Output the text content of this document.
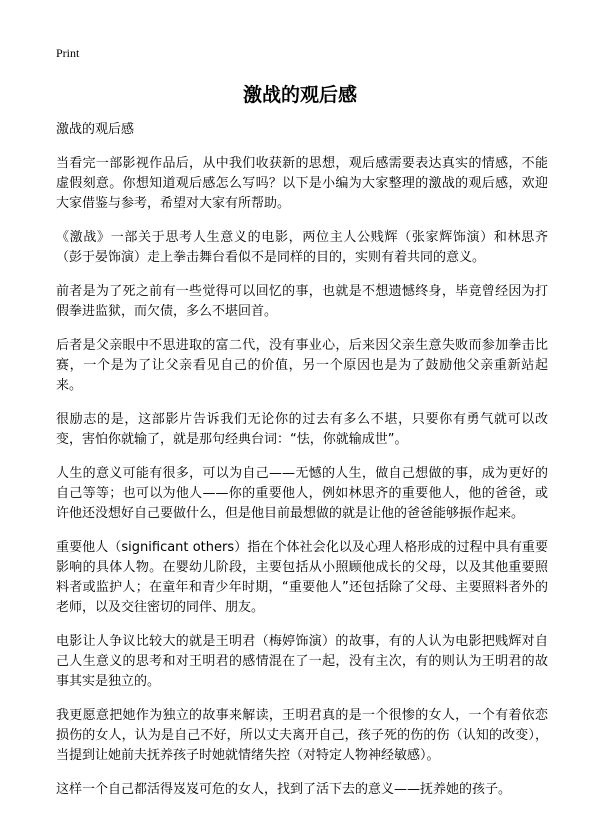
Print
激战的观后感

激战的观后感

当看完一部影视作品后，从中我们收获新的思想，观后感需要表达真实的情感，不能虚假刻意。你想知道观后感怎么写吗？以下是小编为大家整理的激战的观后感，欢迎大家借鉴与参考，希望对大家有所帮助。

《激战》一部关于思考人生意义的电影，两位主人公贱辉（张家辉饰演）和林思齐（彭于晏饰演）走上拳击舞台看似不是同样的目的，实则有着共同的意义。

前者是为了死之前有一些觉得可以回忆的事，也就是不想遗憾终身，毕竟曾经因为打假拳进监狱，而欠债，多么不堪回首。

后者是父亲眼中不思进取的富二代，没有事业心，后来因父亲生意失败而参加拳击比赛，一个是为了让父亲看见自己的价值，另一个原因也是为了鼓励他父亲重新站起来。

很励志的是，这部影片告诉我们无论你的过去有多么不堪，只要你有勇气就可以改变，害怕你就输了，就是那句经典台词：“怯，你就输成世”。

人生的意义可能有很多，可以为自己——无憾的人生，做自己想做的事，成为更好的自己等等；也可以为他人——你的重要他人，例如林思齐的重要他人，他的爸爸，或许他还没想好自己要做什么，但是他目前最想做的就是让他的爸爸能够振作起来。

重要他人（significant others）指在个体社会化以及心理人格形成的过程中具有重要影响的具体人物。在婴幼儿阶段，主要包括从小照顾他成长的父母，以及其他重要照料者或监护人；在童年和青少年时期，“重要他人”还包括除了父母、主要照料者外的老师，以及交往密切的同伴、朋友。

电影让人争议比较大的就是王明君（梅婷饰演）的故事，有的人认为电影把贱辉对自己人生意义的思考和对王明君的感情混在了一起，没有主次，有的则认为王明君的故事其实是独立的。

我更愿意把她作为独立的故事来解读，王明君真的是一个很惨的女人，一个有着依恋损伤的女人，认为是自己不好，所以丈夫离开自己，孩子死的伤的伤（认知的改变），当提到让她前夫抚养孩子时她就情绪失控（对特定人物神经敏感）。

这样一个自己都活得岌岌可危的女人，找到了活下去的意义——抚养她的孩子。
